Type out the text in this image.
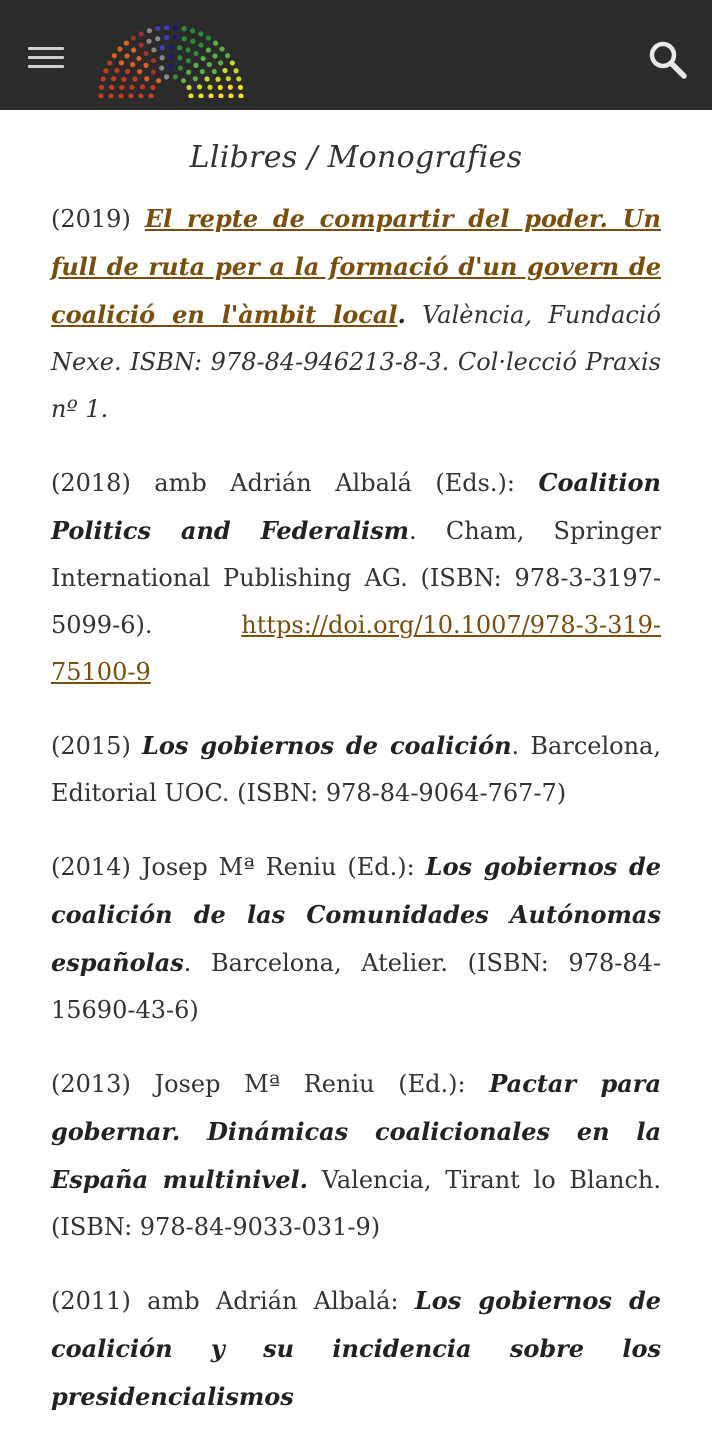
Llibres / Monografies

(2019) El repte de compartir del poder. Un full de ruta per a la formació d'un govern de coalició en l'àmbit local. València, Fundació Nexe. ISBN: 978-84-946213-8-3. Col·lecció Praxis nº 1.

(2018) amb Adrián Albalá (Eds.): Coalition Politics and Federalism. Cham, Springer International Publishing AG. (ISBN: 978-3-3197-5099-6). https://doi.org/10.1007/978-3-319-75100-9

(2015) Los gobiernos de coalición. Barcelona, Editorial UOC. (ISBN: 978-84-9064-767-7)

(2014) Josep Mª Reniu (Ed.): Los gobiernos de coalición de las Comunidades Autónomas españolas. Barcelona, Atelier. (ISBN: 978-84-15690-43-6)

(2013) Josep Mª Reniu (Ed.): Pactar para gobernar. Dinámicas coalicionales en la España multinivel. Valencia, Tirant lo Blanch. (ISBN: 978-84-9033-031-9)

(2011) amb Adrián Albalá: Los gobiernos de coalición y su incidencia sobre los presidencialismos
